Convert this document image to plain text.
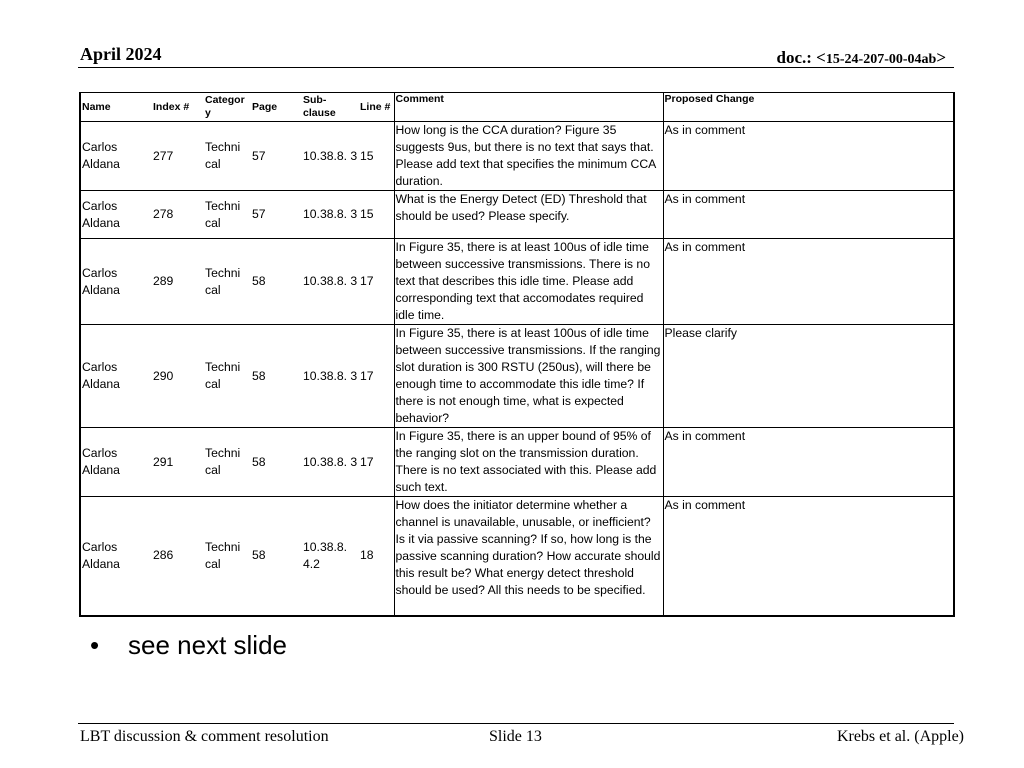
April 2024	doc.: <15-24-207-00-04ab>
Name	Index #	Categor y	Page	Sub-clause	Line #	Comment	Proposed Change
Carlos Aldana	277	Techni cal	57	10.38.8. 3	15	How long is the CCA duration? Figure 35 suggests 9us, but there is no text that says that. Please add text that specifies the minimum CCA duration.	As in comment
Carlos Aldana	278	Techni cal	57	10.38.8. 3	15	What is the Energy Detect (ED) Threshold that should be used? Please specify.	As in comment
Carlos Aldana	289	Techni cal	58	10.38.8. 3	17	In Figure 35, there is at least 100us of idle time between successive transmissions. There is no text that describes this idle time. Please add corresponding text that accomodates required idle time.	As in comment
Carlos Aldana	290	Techni cal	58	10.38.8. 3	17	In Figure 35, there is at least 100us of idle time between successive transmissions. If the ranging slot duration is 300 RSTU (250us), will there be enough time to accommodate this idle time? If there is not enough time, what is expected behavior?	Please clarify
Carlos Aldana	291	Techni cal	58	10.38.8. 3	17	In Figure 35, there is an upper bound of 95% of the ranging slot on the transmission duration. There is no text associated with this. Please add such text.	As in comment
Carlos Aldana	286	Techni cal	58	10.38.8. 4.2	18	How does the initiator determine whether a channel is unavailable, unusable, or inefficient? Is it via passive scanning? If so, how long is the passive scanning duration? How accurate should this result be? What energy detect threshold should be used? All this needs to be specified.	As in comment
• see next slide
LBT discussion & comment resolution	Slide 13	Krebs et al. (Apple)
